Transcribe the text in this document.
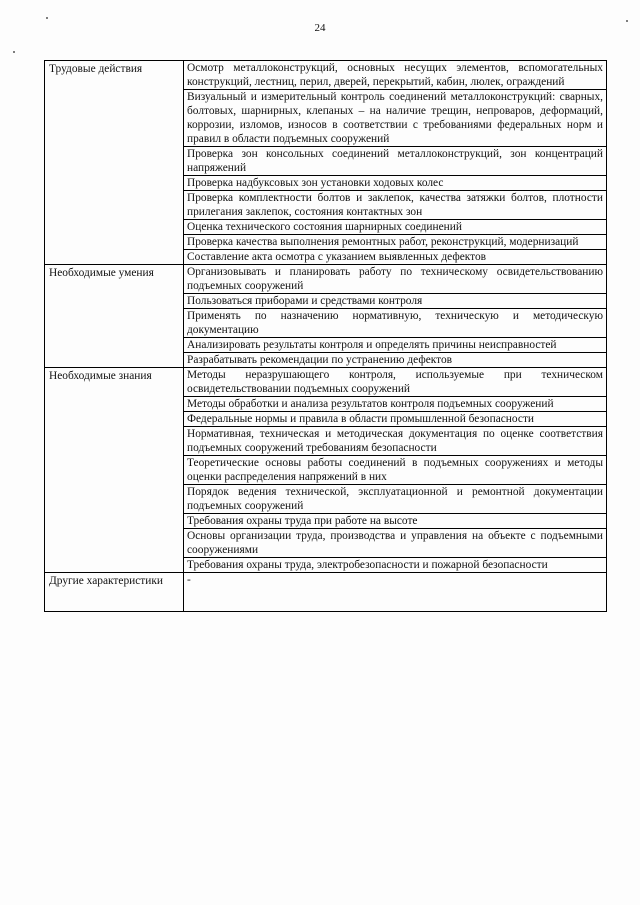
24
Трудовые действия	Осмотр металлоконструкций, основных несущих элементов, вспомогательных конструкций, лестниц, перил, дверей, перекрытий, кабин, люлек, ограждений
	Визуальный и измерительный контроль соединений металлоконструкций: сварных, болтовых, шарнирных, клепаных – на наличие трещин, непроваров, деформаций, коррозии, изломов, износов в соответствии с требованиями федеральных норм и правил в области подъемных сооружений
	Проверка зон консольных соединений металлоконструкций, зон концентраций напряжений
	Проверка надбуксовых зон установки ходовых колес
	Проверка комплектности болтов и заклепок, качества затяжки болтов, плотности прилегания заклепок, состояния контактных зон
	Оценка технического состояния шарнирных соединений
	Проверка качества выполнения ремонтных работ, реконструкций, модернизаций
	Составление акта осмотра с указанием выявленных дефектов
Необходимые умения	Организовывать и планировать работу по техническому освидетельствованию подъемных сооружений
	Пользоваться приборами и средствами контроля
	Применять по назначению нормативную, техническую и методическую документацию
	Анализировать результаты контроля и определять причины неисправностей
	Разрабатывать рекомендации по устранению дефектов
Необходимые знания	Методы неразрушающего контроля, используемые при техническом освидетельствовании подъемных сооружений
	Методы обработки и анализа результатов контроля подъемных сооружений
	Федеральные нормы и правила в области промышленной безопасности
	Нормативная, техническая и методическая документация по оценке соответствия подъемных сооружений требованиям безопасности
	Теоретические основы работы соединений в подъемных сооружениях и методы оценки распределения напряжений в них
	Порядок ведения технической, эксплуатационной и ремонтной документации подъемных сооружений
	Требования охраны труда при работе на высоте
	Основы организации труда, производства и управления на объекте с подъемными сооружениями
	Требования охраны труда, электробезопасности и пожарной безопасности
Другие характеристики	-
